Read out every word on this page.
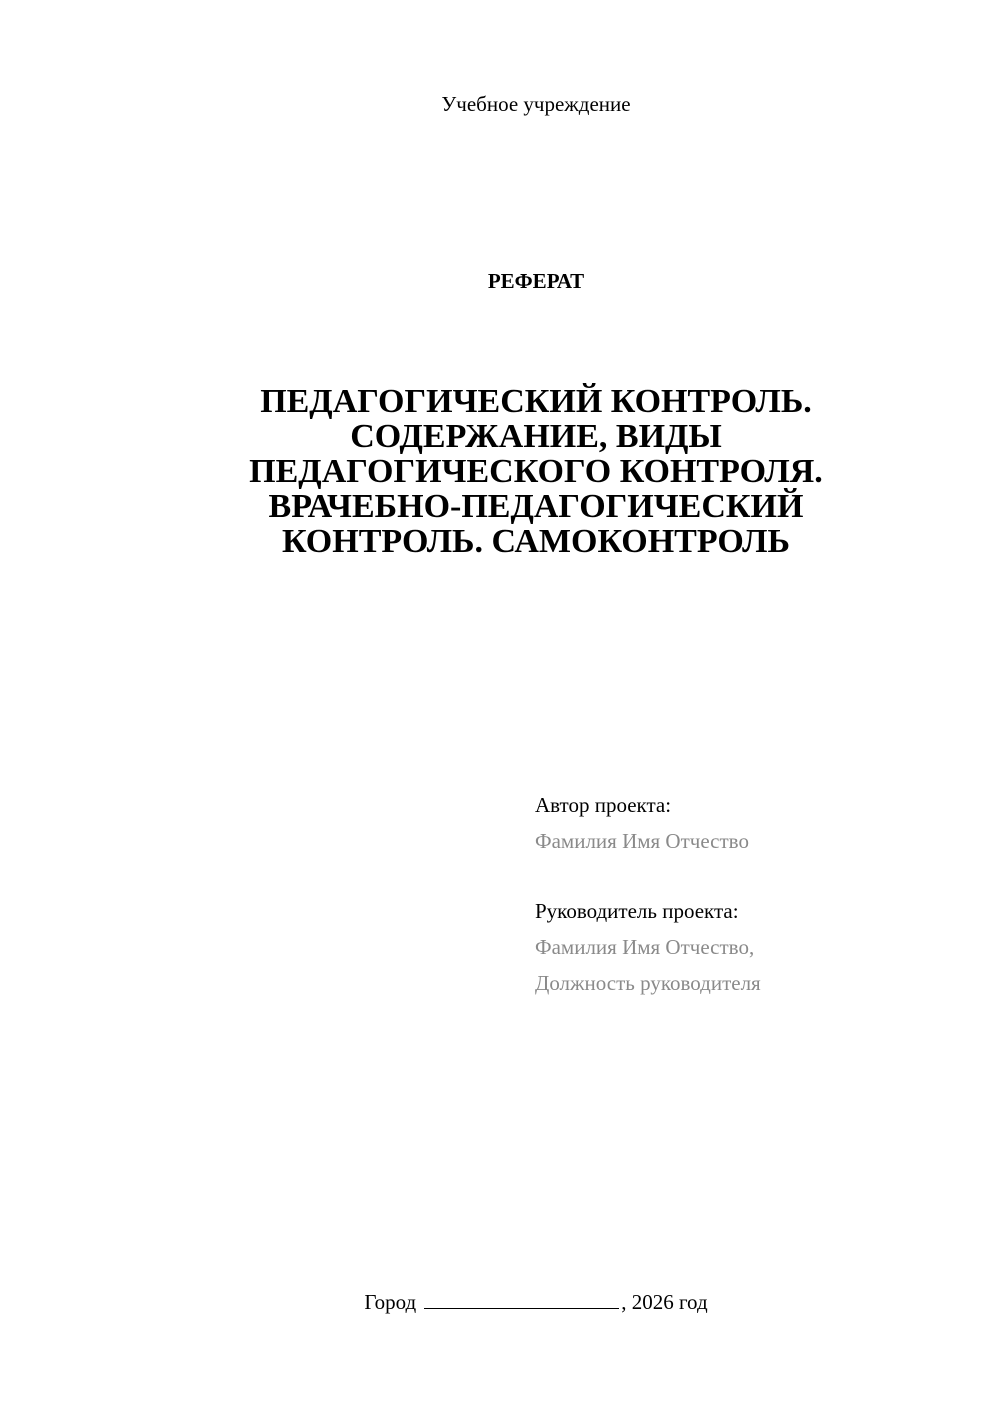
Учебное учреждение
РЕФЕРАТ
ПЕДАГОГИЧЕСКИЙ КОНТРОЛЬ.
СОДЕРЖАНИЕ, ВИДЫ
ПЕДАГОГИЧЕСКОГО КОНТРОЛЯ.
ВРАЧЕБНО-ПЕДАГОГИЧЕСКИЙ
КОНТРОЛЬ. САМОКОНТРОЛЬ
Автор проекта:
Фамилия Имя Отчество
Руководитель проекта:
Фамилия Имя Отчество,
Должность руководителя
Город	, 2026 год
